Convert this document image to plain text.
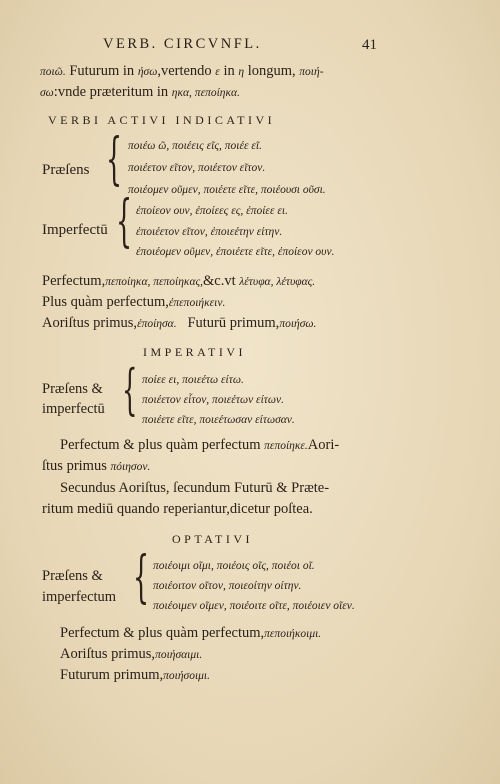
VERB. CIRCVNFL.	41
ποιῶ. Futurum in ήσω,vertendo ε in η longum, ποιή-
σω:vnde præteritum in ηκα, πεποίηκα.
VERBI ACTIVI INDICATIVI
Præſens { ποιέω ῶ, ποιέεις εῖς, ποιέε εῖ.
ποιέετον εῖτον, ποιέετον εῖτον.
ποιέομεν οῦμεν, ποιέετε εῖτε, ποιέουσι οῦσι.
Imperfectū { ἐποίεον ουν, ἐποίεες ες, ἐποίεε ει.
ἐποιέετον εῖτον, ἐποιεέτην εἰτην.
ἐποιέομεν οῦμεν, ἐποιέετε εῖτε, ἐποίεον ουν.
Perfectum,πεποίηκα, πεποίηκας,&c.vt λέτυφα, λέτυφας.
Plus quàm perfectum,ἐπεποιήκειν.
Aoriſtus primus,ἐποίησα. Futurū primum,ποιήσω.
IMPERATIVI
Præſens &
imperfectū { ποίεε ει, ποιεέτω είτω.
ποιέετον εἶτον, ποιεέτων είτων.
ποιέετε εῖτε, ποιεέτωσαν είτωσαν.
Perfectum & plus quàm perfectum πεποίηκε.Aori-
ſtus primus πόιησον.
Secundus Aoriſtus, ſecundum Futurū & Præte-
ritum mediū quando reperiantur,dicetur poſtea.
OPTATIVI
Præſens &
imperfectum { ποιέοιμι οῖμι, ποιέοις οῖς, ποιέοι οῖ.
ποιέοιτον οῖτον, ποιεοίτην οίτην.
ποιέοιμεν οῖμεν, ποιέοιτε οῖτε, ποιέοιεν οῖεν.
Perfectum & plus quàm perfectum,πεποιήκοιμι.
Aoriſtus primus,ποιήσαιμι.
Futurum primum,ποιήσοιμι.
